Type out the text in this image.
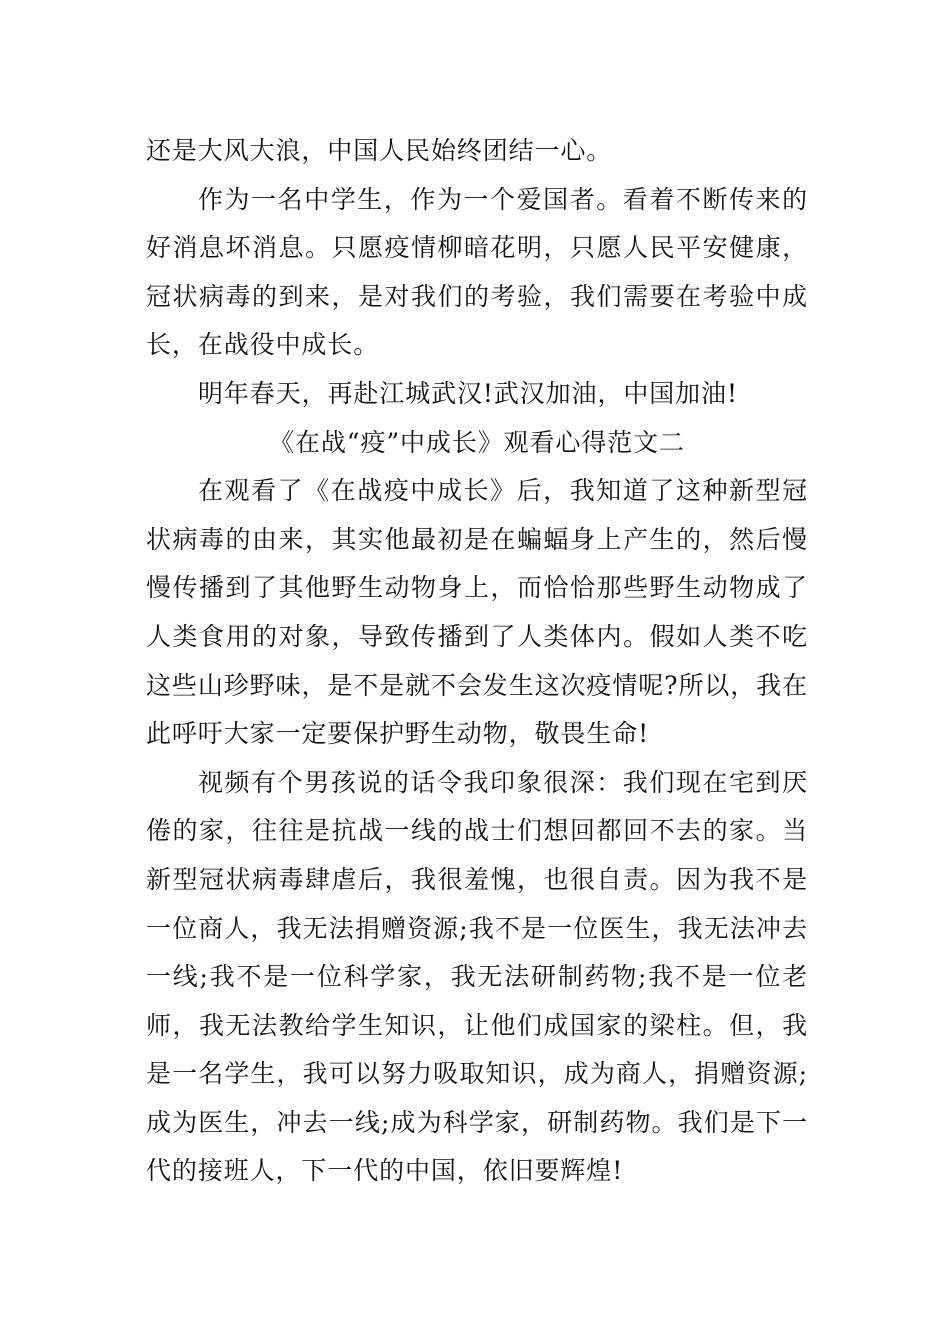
还是大风大浪，中国人民始终团结一心。

作为一名中学生，作为一个爱国者。看着不断传来的好消息坏消息。只愿疫情柳暗花明，只愿人民平安健康，冠状病毒的到来，是对我们的考验，我们需要在考验中成长，在战役中成长。

明年春天，再赴江城武汉!武汉加油，中国加油!

《在战“疫”中成长》观看心得范文二

在观看了《在战疫中成长》后，我知道了这种新型冠状病毒的由来，其实他最初是在蝙蝠身上产生的，然后慢慢传播到了其他野生动物身上，而恰恰那些野生动物成了人类食用的对象，导致传播到了人类体内。假如人类不吃这些山珍野味，是不是就不会发生这次疫情呢?所以，我在此呼吁大家一定要保护野生动物，敬畏生命!

视频有个男孩说的话令我印象很深：我们现在宅到厌倦的家，往往是抗战一线的战士们想回都回不去的家。当新型冠状病毒肆虐后，我很羞愧，也很自责。因为我不是一位商人，我无法捐赠资源;我不是一位医生，我无法冲去一线;我不是一位科学家，我无法研制药物;我不是一位老师，我无法教给学生知识，让他们成国家的梁柱。但，我是一名学生，我可以努力吸取知识，成为商人，捐赠资源;成为医生，冲去一线;成为科学家，研制药物。我们是下一代的接班人，下一代的中国，依旧要辉煌!
